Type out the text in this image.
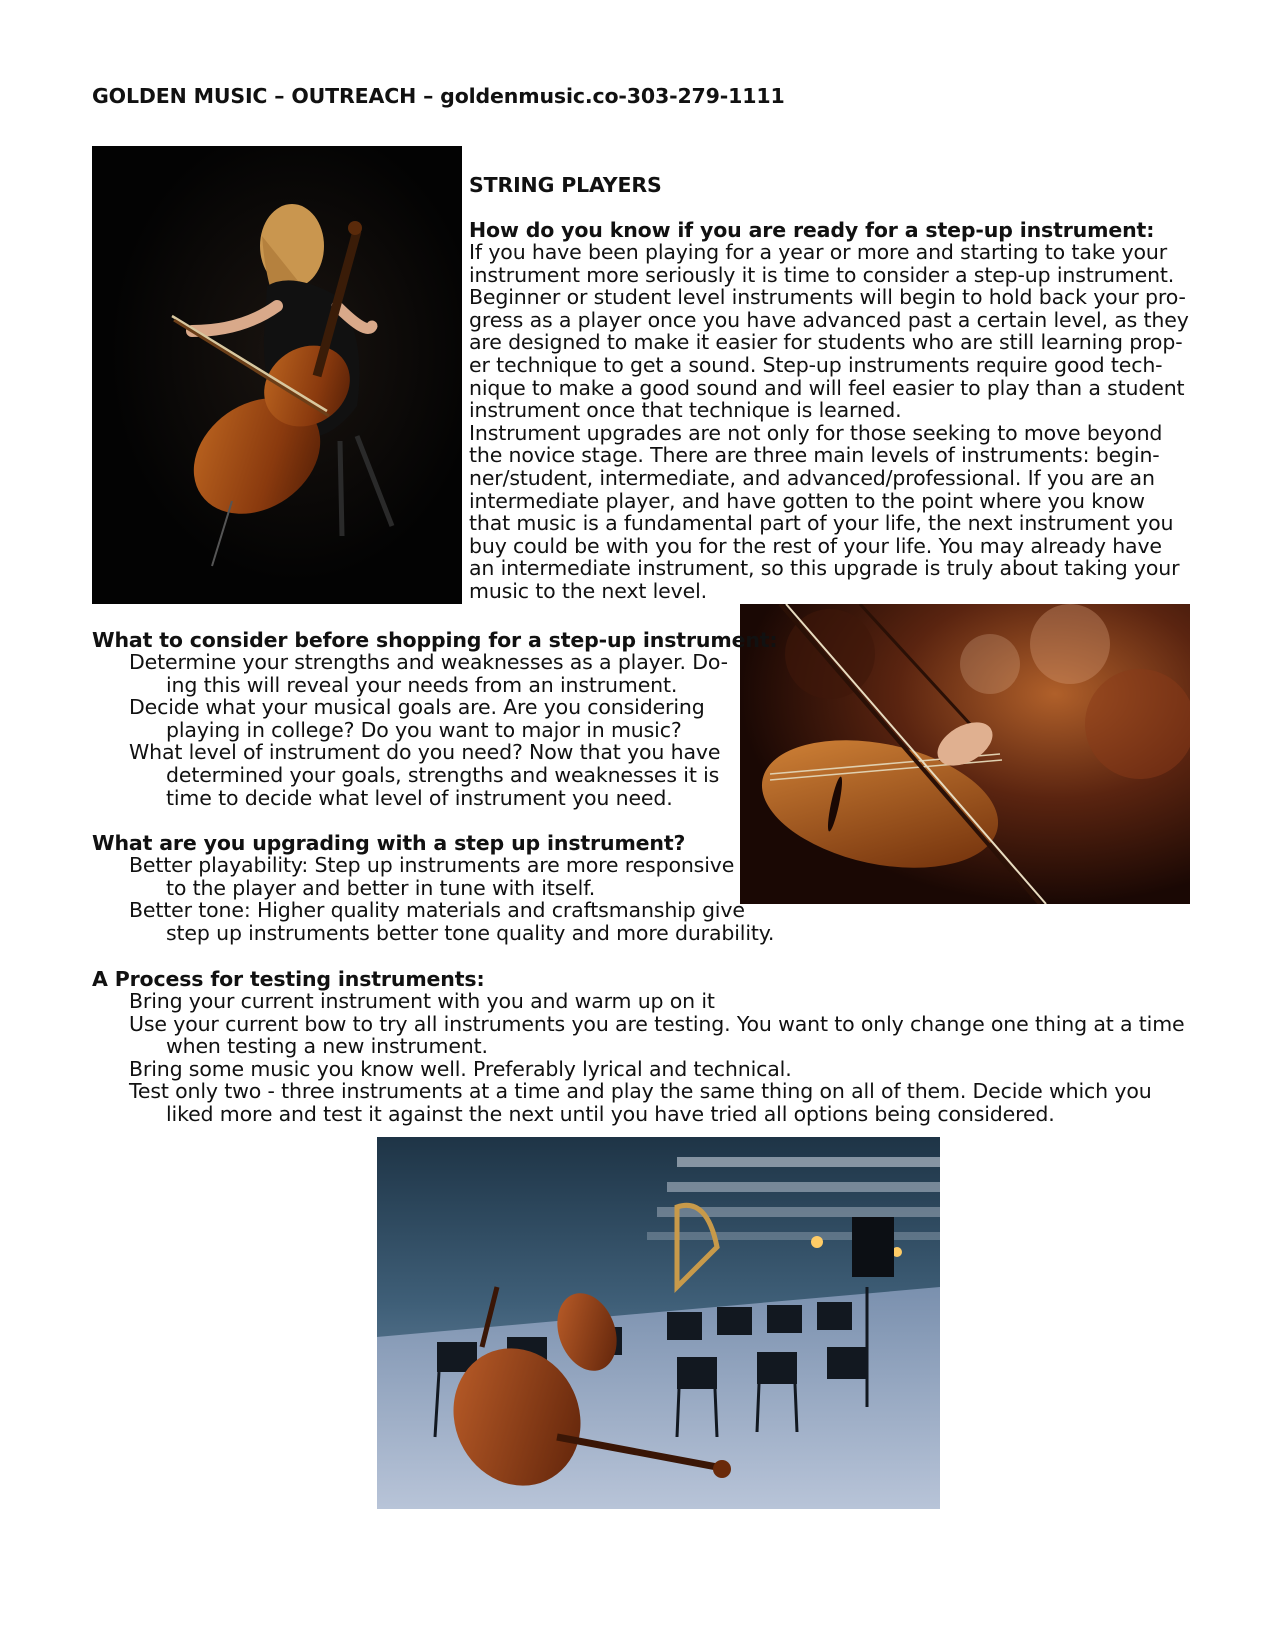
GOLDEN MUSIC – OUTREACH – goldenmusic.co-303-279-1111
STRING PLAYERS
How do you know if you are ready for a step-up instrument:

If you have been playing for a year or more and starting to take your

instrument more seriously it is time to consider a step-up instrument.

Beginner or student level instruments will begin to hold back your pro-

gress as a player once you have advanced past a certain level, as they

are designed to make it easier for students who are still learning prop-

er technique to get a sound. Step-up instruments require good tech-

nique to make a good sound and will feel easier to play than a student

instrument once that technique is learned.

Instrument upgrades are not only for those seeking to move beyond

the novice stage. There are three main levels of instruments: begin-

ner/student, intermediate, and advanced/professional. If you are an

intermediate player, and have gotten to the point where you know

that music is a fundamental part of your life, the next instrument you

buy could be with you for the rest of your life. You may already have

an intermediate instrument, so this upgrade is truly about taking your

music to the next level.

What to consider before shopping for a step-up instrument:

Determine your strengths and weaknesses as a player. Do-

ing this will reveal your needs from an instrument.

Decide what your musical goals are. Are you considering

playing in college? Do you want to major in music?

What level of instrument do you need? Now that you have

determined your goals, strengths and weaknesses it is

time to decide what level of instrument you need.

What are you upgrading with a step up instrument?

Better playability: Step up instruments are more responsive

to the player and better in tune with itself.

Better tone: Higher quality materials and craftsmanship give

step up instruments better tone quality and more durability.

A Process for testing instruments:

Bring your current instrument with you and warm up on it

Use your current bow to try all instruments you are testing. You want to only change one thing at a time

when testing a new instrument.

Bring some music you know well. Preferably lyrical and technical.

Test only two - three instruments at a time and play the same thing on all of them. Decide which you

liked more and test it against the next until you have tried all options being considered.
